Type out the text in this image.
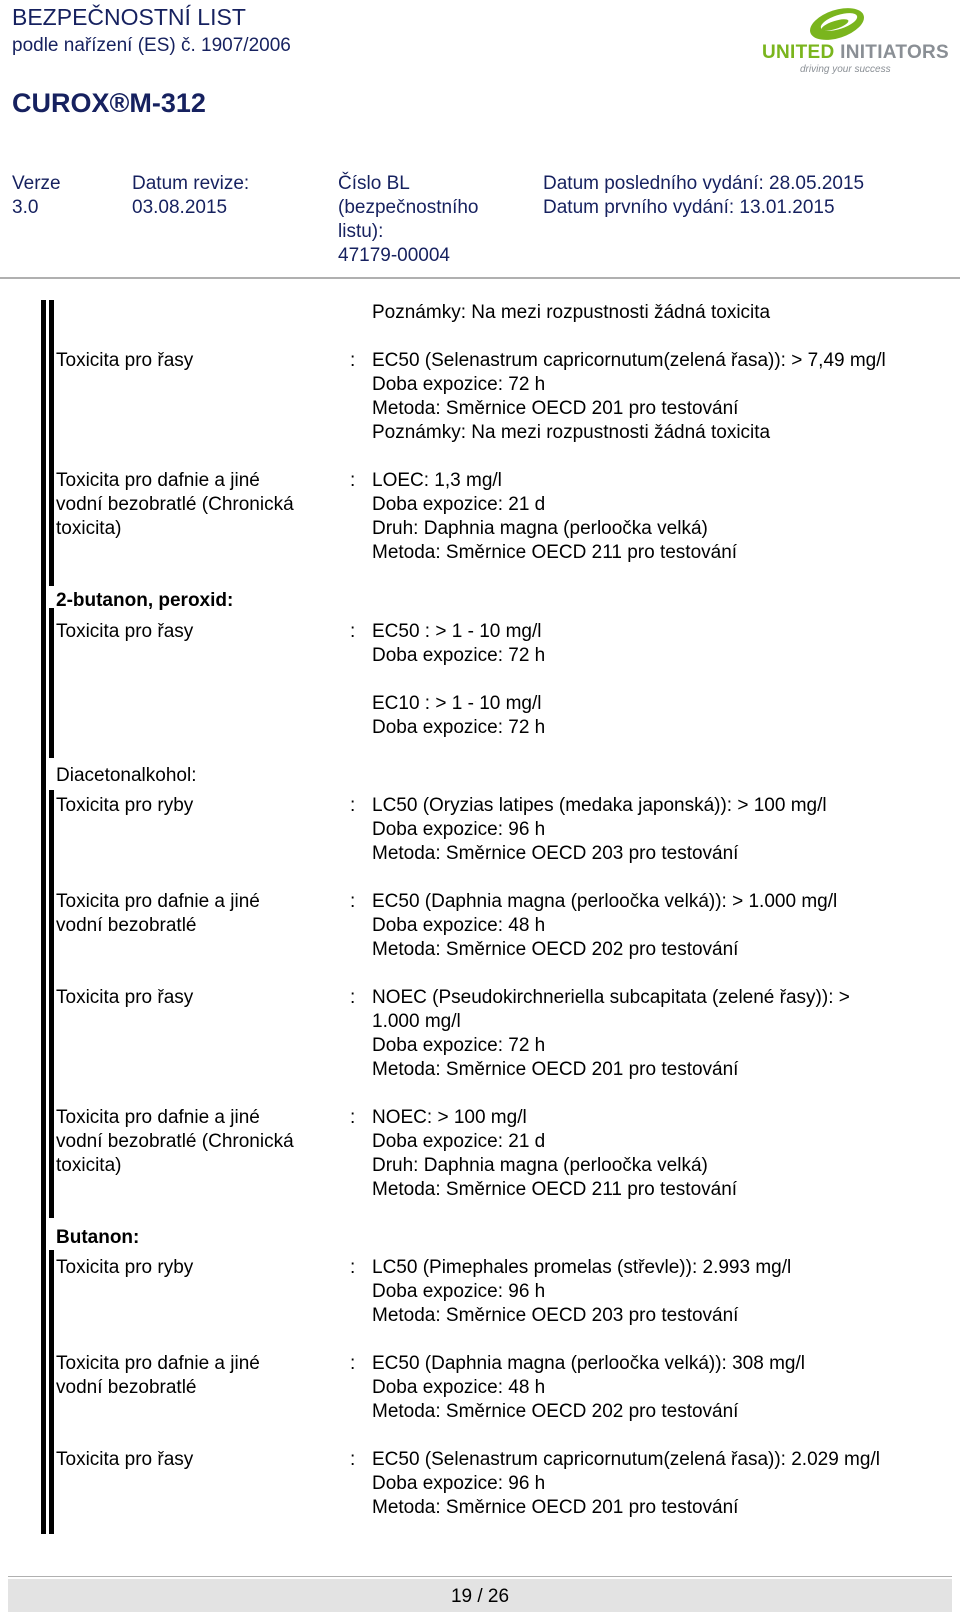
BEZPEČNOSTNÍ LIST
podle nařízení (ES) č. 1907/2006
CUROX®M-312
UNITED INITIATORS
driving your success
Verze
3.0
Datum revize:
03.08.2015
Číslo BL
(bezpečnostního
listu):
47179-00004
Datum posledního vydání: 28.05.2015
Datum prvního vydání: 13.01.2015
Poznámky: Na mezi rozpustnosti žádná toxicita
Toxicita pro řasy	: EC50 (Selenastrum capricornutum(zelená řasa)): > 7,49 mg/l
Doba expozice: 72 h
Metoda: Směrnice OECD 201 pro testování
Poznámky: Na mezi rozpustnosti žádná toxicita
Toxicita pro dafnie a jiné
vodní bezobratlé (Chronická
toxicita)
: LOEC: 1,3 mg/l
Doba expozice: 21 d
Druh: Daphnia magna (perloočka velká)
Metoda: Směrnice OECD 211 pro testování
2-butanon, peroxid:
Toxicita pro řasy	: EC50 : > 1 - 10 mg/l
Doba expozice: 72 h
EC10 : > 1 - 10 mg/l
Doba expozice: 72 h
Diacetonalkohol:
Toxicita pro ryby	: LC50 (Oryzias latipes (medaka japonská)): > 100 mg/l
Doba expozice: 96 h
Metoda: Směrnice OECD 203 pro testování
Toxicita pro dafnie a jiné
vodní bezobratlé
: EC50 (Daphnia magna (perloočka velká)): > 1.000 mg/l
Doba expozice: 48 h
Metoda: Směrnice OECD 202 pro testování
Toxicita pro řasy	: NOEC (Pseudokirchneriella subcapitata (zelené řasy)): >
1.000 mg/l
Doba expozice: 72 h
Metoda: Směrnice OECD 201 pro testování
Toxicita pro dafnie a jiné
vodní bezobratlé (Chronická
toxicita)
: NOEC: > 100 mg/l
Doba expozice: 21 d
Druh: Daphnia magna (perloočka velká)
Metoda: Směrnice OECD 211 pro testování
Butanon:
Toxicita pro ryby	: LC50 (Pimephales promelas (střevle)): 2.993 mg/l
Doba expozice: 96 h
Metoda: Směrnice OECD 203 pro testování
Toxicita pro dafnie a jiné
vodní bezobratlé
: EC50 (Daphnia magna (perloočka velká)): 308 mg/l
Doba expozice: 48 h
Metoda: Směrnice OECD 202 pro testování
Toxicita pro řasy	: EC50 (Selenastrum capricornutum(zelená řasa)): 2.029 mg/l
Doba expozice: 96 h
Metoda: Směrnice OECD 201 pro testování
19 / 26
